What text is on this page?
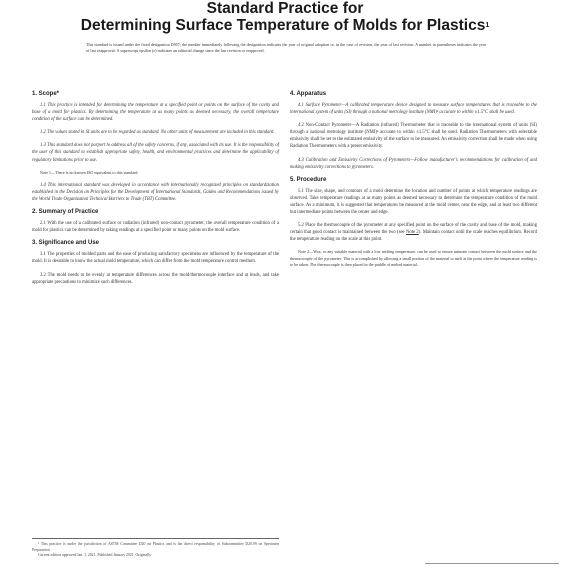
Standard Practice for
Determining Surface Temperature of Molds for Plastics$^1$
This standard is issued under the fixed designation D957; the number immediately following the designation indicates the year of original adoption or, in the case of revision, the year of last revision. A number in parentheses indicates the year of last reapproval. A superscript epsilon (ε) indicates an editorial change since the last revision or reapproval.
1. Scope*

1.1 This practice is intended for determining the temperature at a specified point or points on the surface of the cavity and base of a mold for plastics. By determining the temperature at as many points as deemed necessary, the overall temperature condition of the surface can be determined.

1.2 The values stated in SI units are to be regarded as standard. No other units of measurement are included in this standard.

1.3 This standard does not purport to address all of the safety concerns, if any, associated with its use. It is the responsibility of the user of this standard to establish appropriate safety, health, and environmental practices and determine the applicability of regulatory limitations prior to use.

Note 1—There is no known ISO equivalent to this standard.

1.4 This international standard was developed in accordance with internationally recognized principles on standardization established in the Decision on Principles for the Development of International Standards, Guides and Recommendations issued by the World Trade Organization Technical Barriers to Trade (TBT) Committee.

2. Summary of Practice

2.1 With the use of a calibrated surface or radiation (infrared) non-contact pyrometer, the overall temperature condition of a mold for plastics can be determined by taking readings at a specified point or many points on the mold surface.

3. Significance and Use

3.1 The properties of molded parts and the ease of producing satisfactory specimens are influenced by the temperature of the mold. It is desirable to know the actual mold temperature, which can differ from the mold temperature control medium.

3.2 The mold needs to be evenly at temperature differences across the mold/thermocouple interface and at leads, and take appropriate precautions to minimize such differences.

4. Apparatus

4.1 Surface Pyrometer—A calibrated temperature device designed to measure surface temperatures that is traceable to the international system of units (SI) through a national metrology institute (NMI)² accurate to within ±1.5°C shall be used.

4.2 Non-Contact Pyrometer—A Radiation (infrared) Thermometer that is traceable to the international system of units (SI) through a national metrology institute (NMI)² accurate to within ±1.5°C shall be used. Radiation Thermometers with selectable emissivity shall be set to the estimated emissivity of the surface to be measured. An emissivity correction shall be made when using Radiation Thermometers with a preset emissivity.

4.3 Calibration and Emissivity Corrections of Pyrometers—Follow manufacturer’s recommendations for calibration of and making emissivity corrections to pyrometers.

5. Procedure

5.1 The size, shape, and contours of a mold determine the location and number of points at which temperature readings are observed. Take temperature readings at as many points as deemed necessary to determine the temperature condition of the mold surface. As a minimum, it is suggested that temperatures be measured at the mold center, near the edge, and at least two different but intermediate points between the center and edge.

5.2 Place the thermocouple of the pyrometer at any specified point on the surface of the cavity and base of the mold, making certain that good contact is maintained between the two (see Note 2). Maintain contact until the scale reaches equilibrium. Record the temperature reading on the scale at this point.

Note 2—Wax, or any suitable material with a low melting temperature, can be used to ensure intimate contact between the mold surface and the thermocouple of the pyrometer. This is accomplished by allowing a small portion of the material to melt at the point where the temperature reading is to be taken. The thermocouple is then placed in the puddle of melted material.

¹ This practice is under the jurisdiction of ASTM Committee D20 on Plastics and is the direct responsibility of Subcommittee D20.09 on Specimen Preparation.

Current edition approved Jan. 1, 2021. Published January 2021. Originally
